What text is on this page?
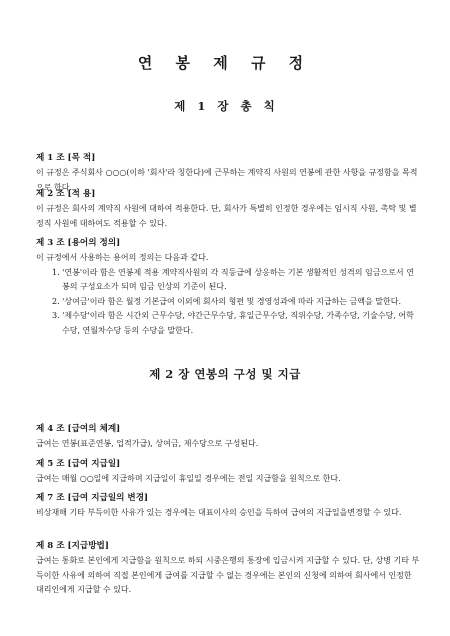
연 봉 제 규 정
제 1 장 총 칙
제 1 조 [목 적]
이 규정은 주식회사 ○○○(이하 '회사'라 칭한다)에 근무하는 계약직 사원의 연봉에 관한 사항을 규정함을 목적으로 한다.
제 2 조 [적 용]
이 규정은 회사의 계약직 사원에 대하여 적용한다. 단, 회사가 특별히 인정한 경우에는 임시직 사원, 촉탁 및 별정직 사원에 대하여도 적용할 수 있다.
제 3 조 [용어의 정의]
이 규정에서 사용하는 용어의 정의는 다음과 같다.
1. '연봉'이라 함은 연봉제 적용 계약직사원의 각 직등급에 상응하는 기본 생활적인 성격의 임금으로서 연봉의 구성요소가 되며 임금 인상의 기준이 된다.
2. '상여금'이라 함은 월정 기본급여 이외에 회사의 형편 및 경영성과에 따라 지급하는 금액을 말한다.
3. '제수당'이라 함은 시간외 근무수당, 야간근무수당, 휴일근무수당, 직위수당, 가족수당, 기술수당, 어학수당, 연월차수당 등의 수당을 말한다.
제 2 장 연봉의 구성 및 지급
제 4 조 [급여의 체계]
급여는 연봉(표준연봉, 업적가급), 상여금, 제수당으로 구성된다.
제 5 조 [급여 지급일]
급여는 매월 ○○일에 지급하며 지급일이 휴일일 경우에는 전일 지급함을 원칙으로 한다.
제 7 조 [급여 지급일의 변경]
비상재해 기타 부득이한 사유가 있는 경우에는 대표이사의 승인을 득하여 급여의 지급일을변경할 수 있다.
제 8 조 [지급방법]
급여는 통화로 본인에게 지급함을 원칙으로 하되 시중은행의 통장에 입금시켜 지급할 수 있다. 단, 상병 기타 부득이한 사유에 의하여 직접 본인에게 급여를 지급할 수 없는 경우에는 본인의 신청에 의하여 회사에서 인정한 대리인에게 지급할 수 있다.
